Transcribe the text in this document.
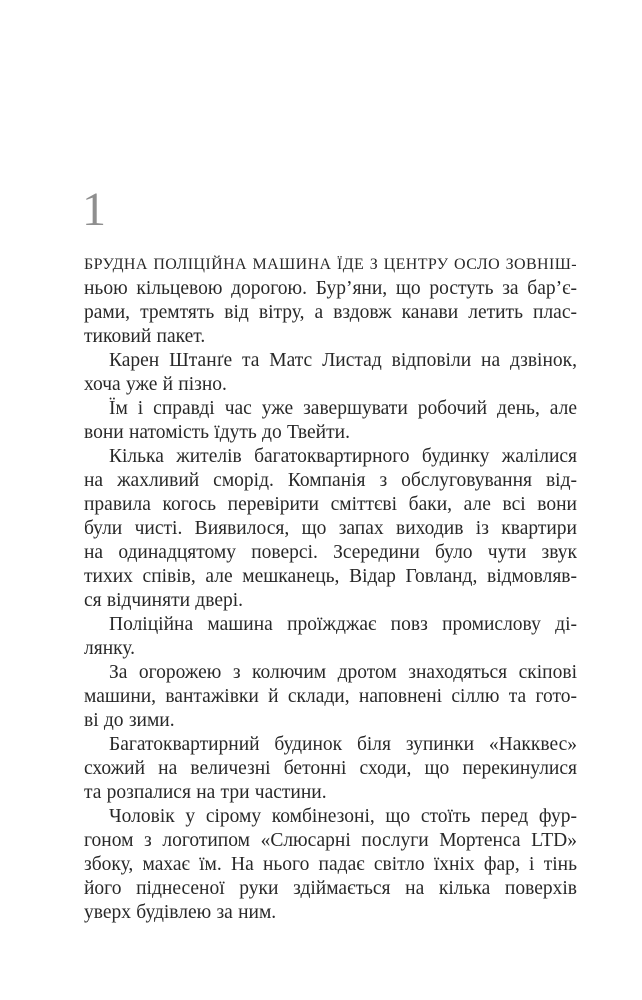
1
БРУДНА ПОЛІЦІЙНА МАШИНА ЇДЕ З ЦЕНТРУ ОСЛО ЗОВНІШ-
ньою кільцевою дорогою. Бур’яни, що ростуть за бар’є-
рами, тремтять від вітру, а вздовж канави летить плас-
тиковий пакет.
Карен Штанґе та Матс Листад відповіли на дзвінок,
хоча уже й пізно.
Їм і справді час уже завершувати робочий день, але
вони натомість їдуть до Твейти.
Кілька жителів багатоквартирного будинку жалілися
на жахливий сморід. Компанія з обслуговування від-
правила когось перевірити сміттєві баки, але всі вони
були чисті. Виявилося, що запах виходив із квартири
на одинадцятому поверсі. Зсередини було чути звук
тихих співів, але мешканець, Відар Говланд, відмовляв-
ся відчиняти двері.
Поліційна машина проїжджає повз промислову ді-
лянку.
За огорожею з колючим дротом знаходяться скіпові
машини, вантажівки й склади, наповнені сіллю та гото-
ві до зими.
Багатоквартирний будинок біля зупинки «Накквес»
схожий на величезні бетонні сходи, що перекинулися
та розпалися на три частини.
Чоловік у сірому комбінезоні, що стоїть перед фур-
гоном з логотипом «Слюсарні послуги Мортенса LTD»
збоку, махає їм. На нього падає світло їхніх фар, і тінь
його піднесеної руки здіймається на кілька поверхів
уверх будівлею за ним.
